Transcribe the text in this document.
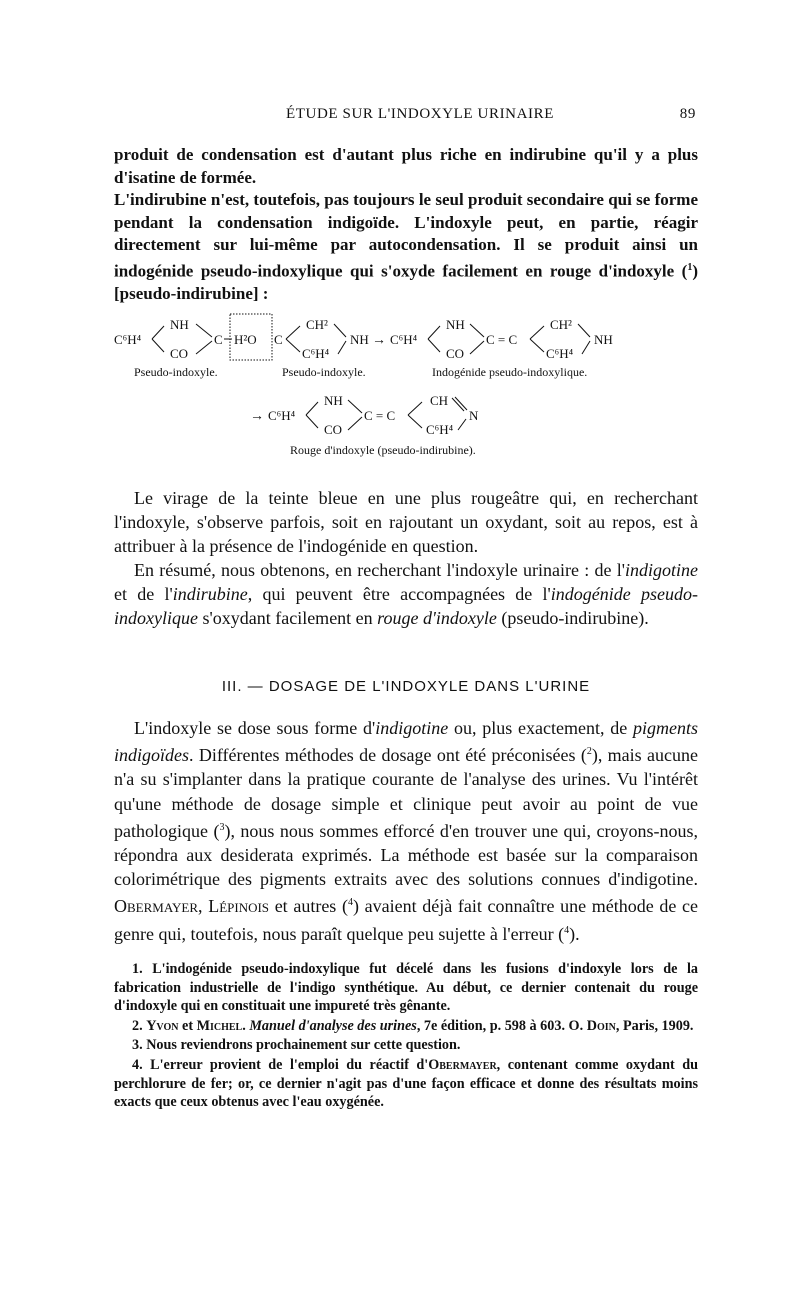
ÉTUDE SUR L'INDOXYLE URINAIRE	89

produit de condensation est d'autant plus riche en indirubine qu'il y a plus d'isatine de formée.
L'indirubine n'est, toutefois, pas toujours le seul produit secondaire qui se forme pendant la condensation indigoïde. L'indoxyle peut, en partie, réagir directement sur lui-même par autocondensation. Il se produit ainsi un indogénide pseudo-indoxylique qui s'oxyde facilement en rouge d'indoxyle ($^1$) [pseudo-indirubine] :

C⁶H⁴
NH
CO
C H²O C
CH²
C⁶H⁴
NH → C⁶H⁴
NH
CO
C = C
CH²
C⁶H⁴
NH
Pseudo-indoxyle.	Pseudo-indoxyle.	Indogénide pseudo-indoxylique.
→ C⁶H⁴
NH
CO
C = C
CH
C⁶H⁴
N
Rouge d'indoxyle (pseudo-indirubine).

Le virage de la teinte bleue en une plus rougeâtre qui, en recherchant l'indoxyle, s'observe parfois, soit en rajoutant un oxydant, soit au repos, est à attribuer à la présence de l'indogénide en question.

En résumé, nous obtenons, en recherchant l'indoxyle urinaire : de l'indigotine et de l'indirubine, qui peuvent être accompagnées de l'indogénide pseudo-indoxylique s'oxydant facilement en rouge d'indoxyle (pseudo-indirubine).

III. — DOSAGE DE L'INDOXYLE DANS L'URINE

L'indoxyle se dose sous forme d'indigotine ou, plus exactement, de pigments indigoïdes. Différentes méthodes de dosage ont été préconisées ($^2$), mais aucune n'a su s'implanter dans la pratique courante de l'analyse des urines. Vu l'intérêt qu'une méthode de dosage simple et clinique peut avoir au point de vue pathologique ($^3$), nous nous sommes efforcé d'en trouver une qui, croyons-nous, répondra aux desiderata exprimés. La méthode est basée sur la comparaison colorimétrique des pigments extraits avec des solutions connues d'indigotine. Obermayer, Lépinois et autres ($^4$) avaient déjà fait connaître une méthode de ce genre qui, toutefois, nous paraît quelque peu sujette à l'erreur ($^4$).

1. L'indogénide pseudo-indoxylique fut décelé dans les fusions d'indoxyle lors de la fabrication industrielle de l'indigo synthétique. Au début, ce dernier contenait du rouge d'indoxyle qui en constituait une impureté très gênante.

2. Yvon et Michel. Manuel d'analyse des urines, 7e édition, p. 598 à 603. O. Doin, Paris, 1909.

3. Nous reviendrons prochainement sur cette question.

4. L'erreur provient de l'emploi du réactif d'Obermayer, contenant comme oxydant du perchlorure de fer; or, ce dernier n'agit pas d'une façon efficace et donne des résultats moins exacts que ceux obtenus avec l'eau oxygénée.
